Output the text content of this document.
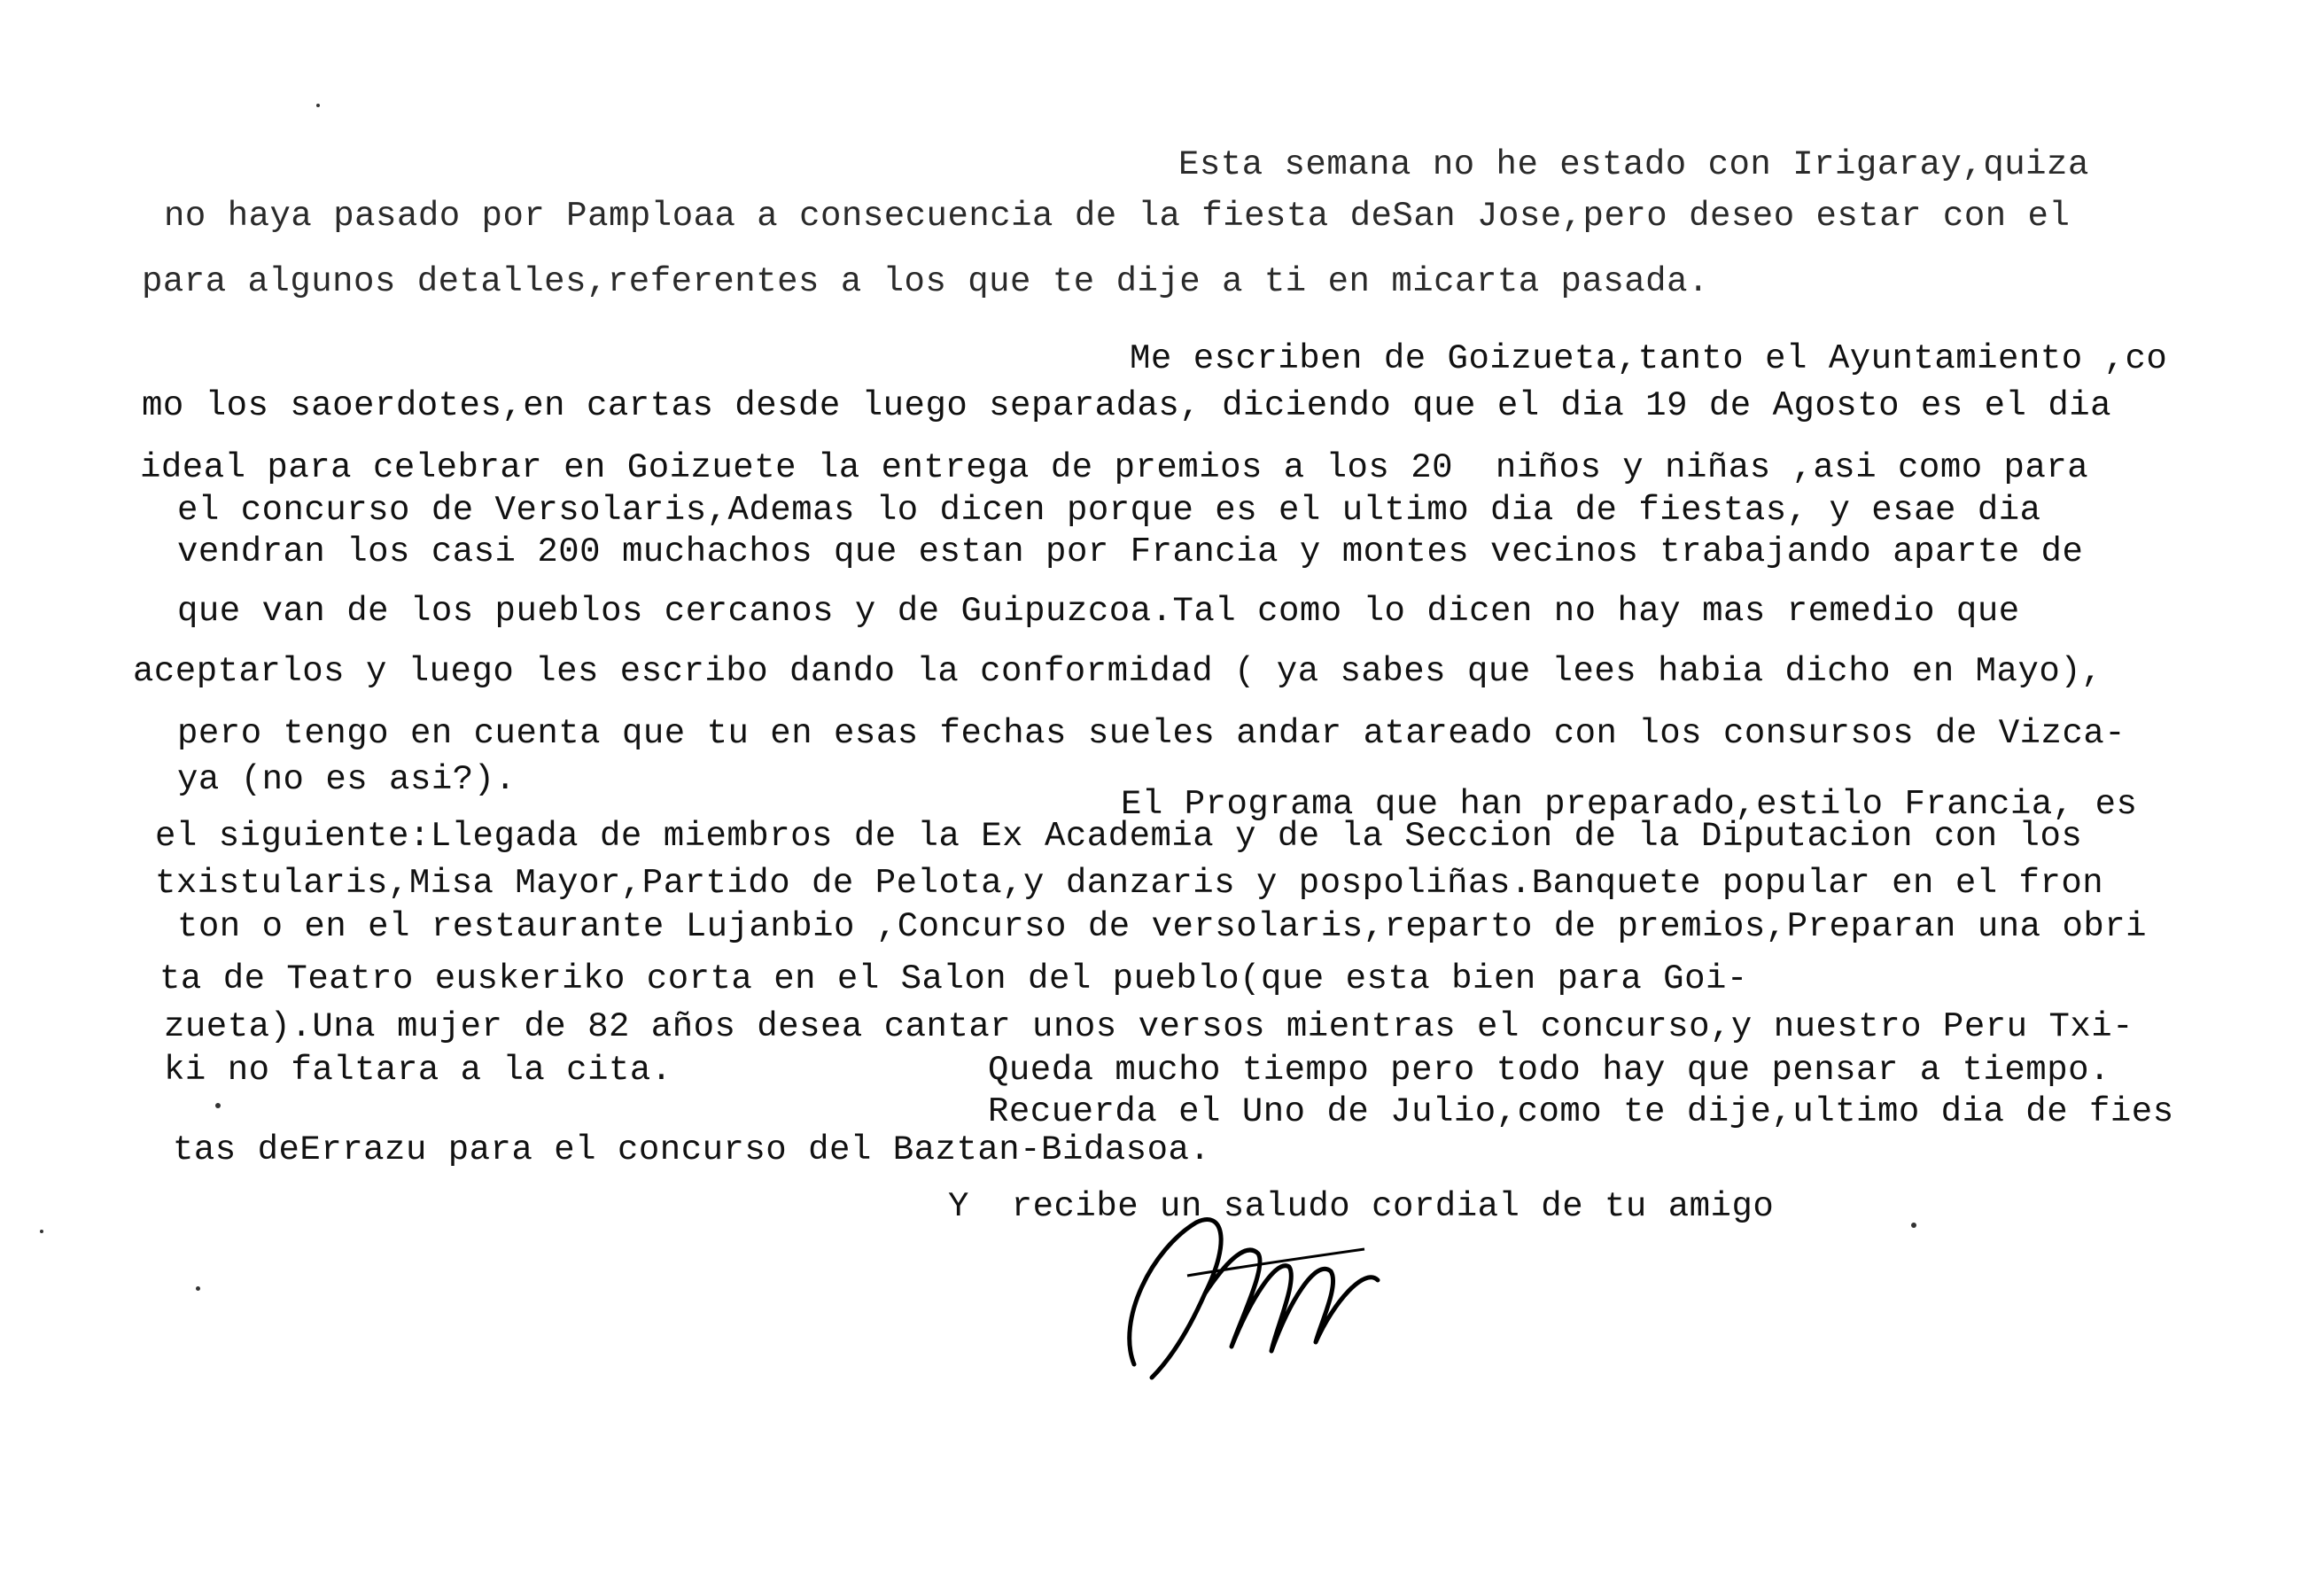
Esta semana no he estado con Irigaray,quiza
no haya pasado por Pamploaa a consecuencia de la fiesta deSan Jose,pero deseo estar con el
para algunos detalles,referentes a los que te dije a ti en micarta pasada.
Me escriben de Goizueta,tanto el Ayuntamiento ,co
mo los saoerdotes,en cartas desde luego separadas, diciendo que el dia 19 de Agosto es el dia
ideal para celebrar en Goizuete la entrega de premios a los 20  niños y niñas ,asi como para
el concurso de Versolaris,Ademas lo dicen porque es el ultimo dia de fiestas, y esae dia
vendran los casi 200 muchachos que estan por Francia y montes vecinos trabajando aparte de
que van de los pueblos cercanos y de Guipuzcoa.Tal como lo dicen no hay mas remedio que
aceptarlos y luego les escribo dando la conformidad ( ya sabes que lees habia dicho en Mayo),
pero tengo en cuenta que tu en esas fechas sueles andar atareado con los consursos de Vizca-
ya (no es asi?).
El Programa que han preparado,estilo Francia, es
el siguiente:Llegada de miembros de la Ex Academia y de la Seccion de la Diputacion con los
txistularis,Misa Mayor,Partido de Pelota,y danzaris y pospoliñas.Banquete popular en el fron
ton o en el restaurante Lujanbio ,Concurso de versolaris,reparto de premios,Preparan una obri
ta de Teatro euskeriko corta en el Salon del pueblo(que esta bien para Goi-
zueta).Una mujer de 82 años desea cantar unos versos mientras el concurso,y nuestro Peru Txi-
ki no faltara a la cita.	Queda mucho tiempo pero todo hay que pensar a tiempo.
Recuerda el Uno de Julio,como te dije,ultimo dia de fies
tas deErrazu para el concurso del Baztan-Bidasoa.
Y  recibe un saludo cordial de tu amigo
